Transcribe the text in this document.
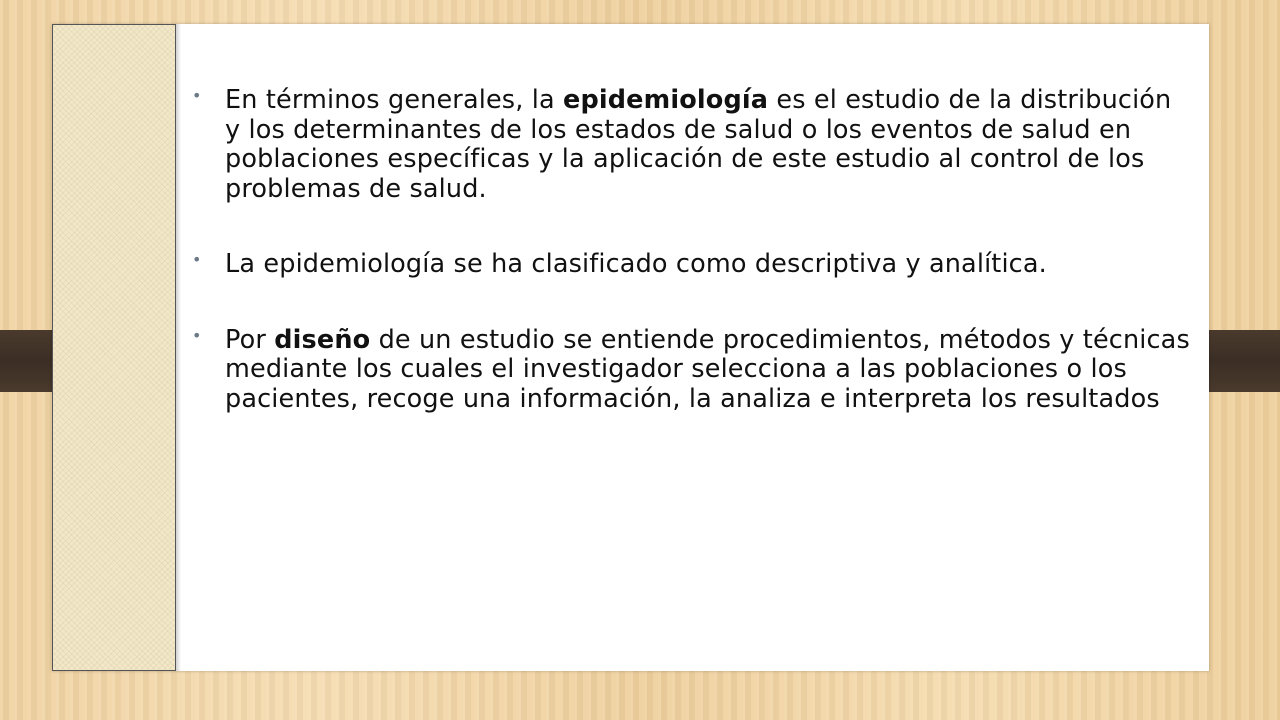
• En términos generales, la epidemiología es el estudio de la distribución y los determinantes de los estados de salud o los eventos de salud en poblaciones específicas y la aplicación de este estudio al control de los problemas de salud.
• La epidemiología se ha clasificado como descriptiva y analítica.
• Por diseño de un estudio se entiende procedimientos, métodos y técnicas mediante los cuales el investigador selecciona a las poblaciones o los pacientes, recoge una información, la analiza e interpreta los resultados
